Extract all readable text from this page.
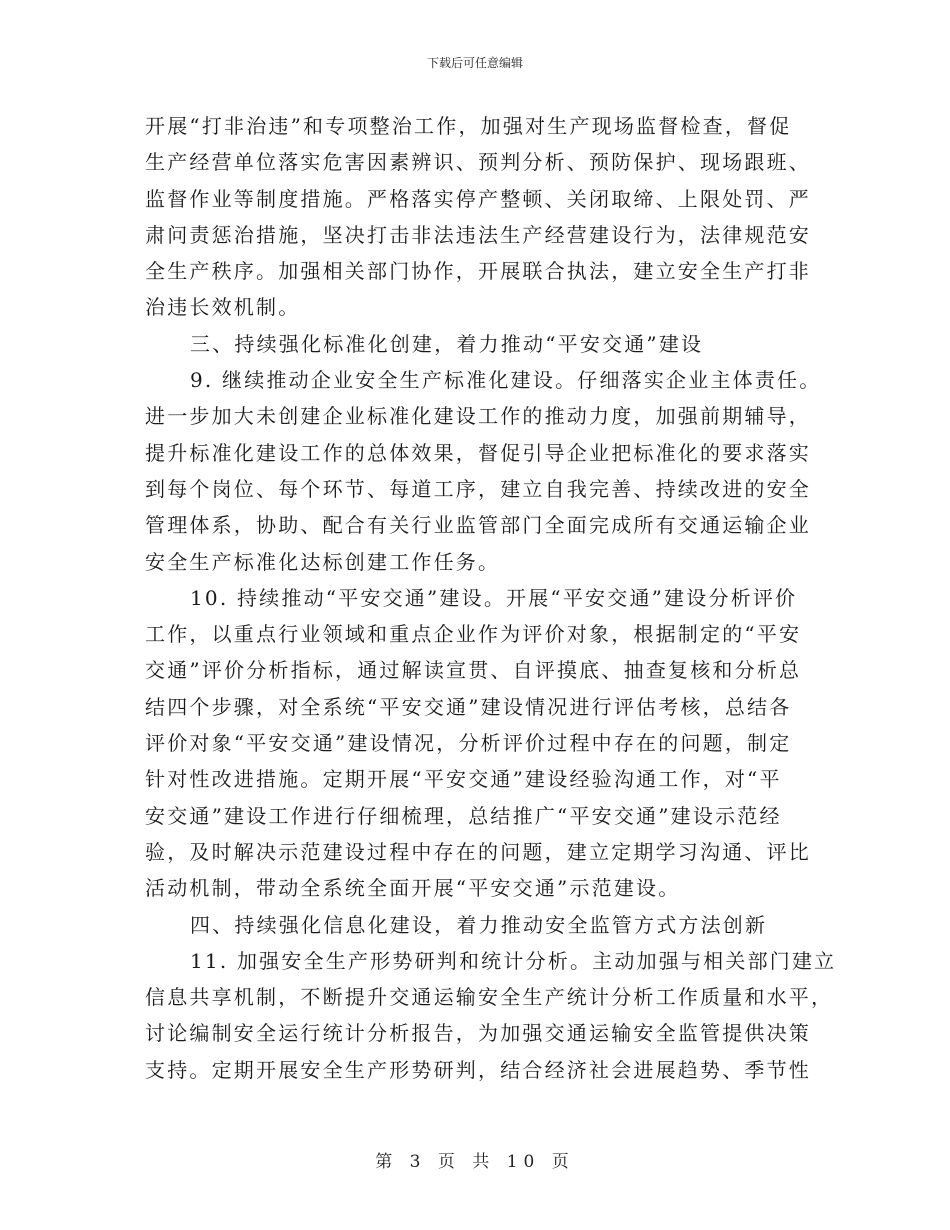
下载后可任意编辑
开展“打非治违”和专项整治工作，加强对生产现场监督检查，督促
生产经营单位落实危害因素辨识、预判分析、预防保护、现场跟班、
监督作业等制度措施。严格落实停产整顿、关闭取缔、上限处罚、严
肃问责惩治措施，坚决打击非法违法生产经营建设行为，法律规范安
全生产秩序。加强相关部门协作，开展联合执法，建立安全生产打非
治违长效机制。
三、持续强化标准化创建，着力推动“平安交通”建设
9. 继续推动企业安全生产标准化建设。仔细落实企业主体责任。
进一步加大未创建企业标准化建设工作的推动力度，加强前期辅导，
提升标准化建设工作的总体效果，督促引导企业把标准化的要求落实
到每个岗位、每个环节、每道工序，建立自我完善、持续改进的安全
管理体系，协助、配合有关行业监管部门全面完成所有交通运输企业
安全生产标准化达标创建工作任务。
10. 持续推动“平安交通”建设。开展“平安交通”建设分析评价
工作，以重点行业领域和重点企业作为评价对象，根据制定的“平安
交通”评价分析指标，通过解读宣贯、自评摸底、抽查复核和分析总
结四个步骤，对全系统“平安交通”建设情况进行评估考核，总结各
评价对象“平安交通”建设情况，分析评价过程中存在的问题，制定
针对性改进措施。定期开展“平安交通”建设经验沟通工作，对“平
安交通”建设工作进行仔细梳理，总结推广“平安交通”建设示范经
验，及时解决示范建设过程中存在的问题，建立定期学习沟通、评比
活动机制，带动全系统全面开展“平安交通”示范建设。
四、持续强化信息化建设，着力推动安全监管方式方法创新
11. 加强安全生产形势研判和统计分析。主动加强与相关部门建立
信息共享机制，不断提升交通运输安全生产统计分析工作质量和水平，
讨论编制安全运行统计分析报告，为加强交通运输安全监管提供决策
支持。定期开展安全生产形势研判，结合经济社会进展趋势、季节性
第 3 页 共 10 页
